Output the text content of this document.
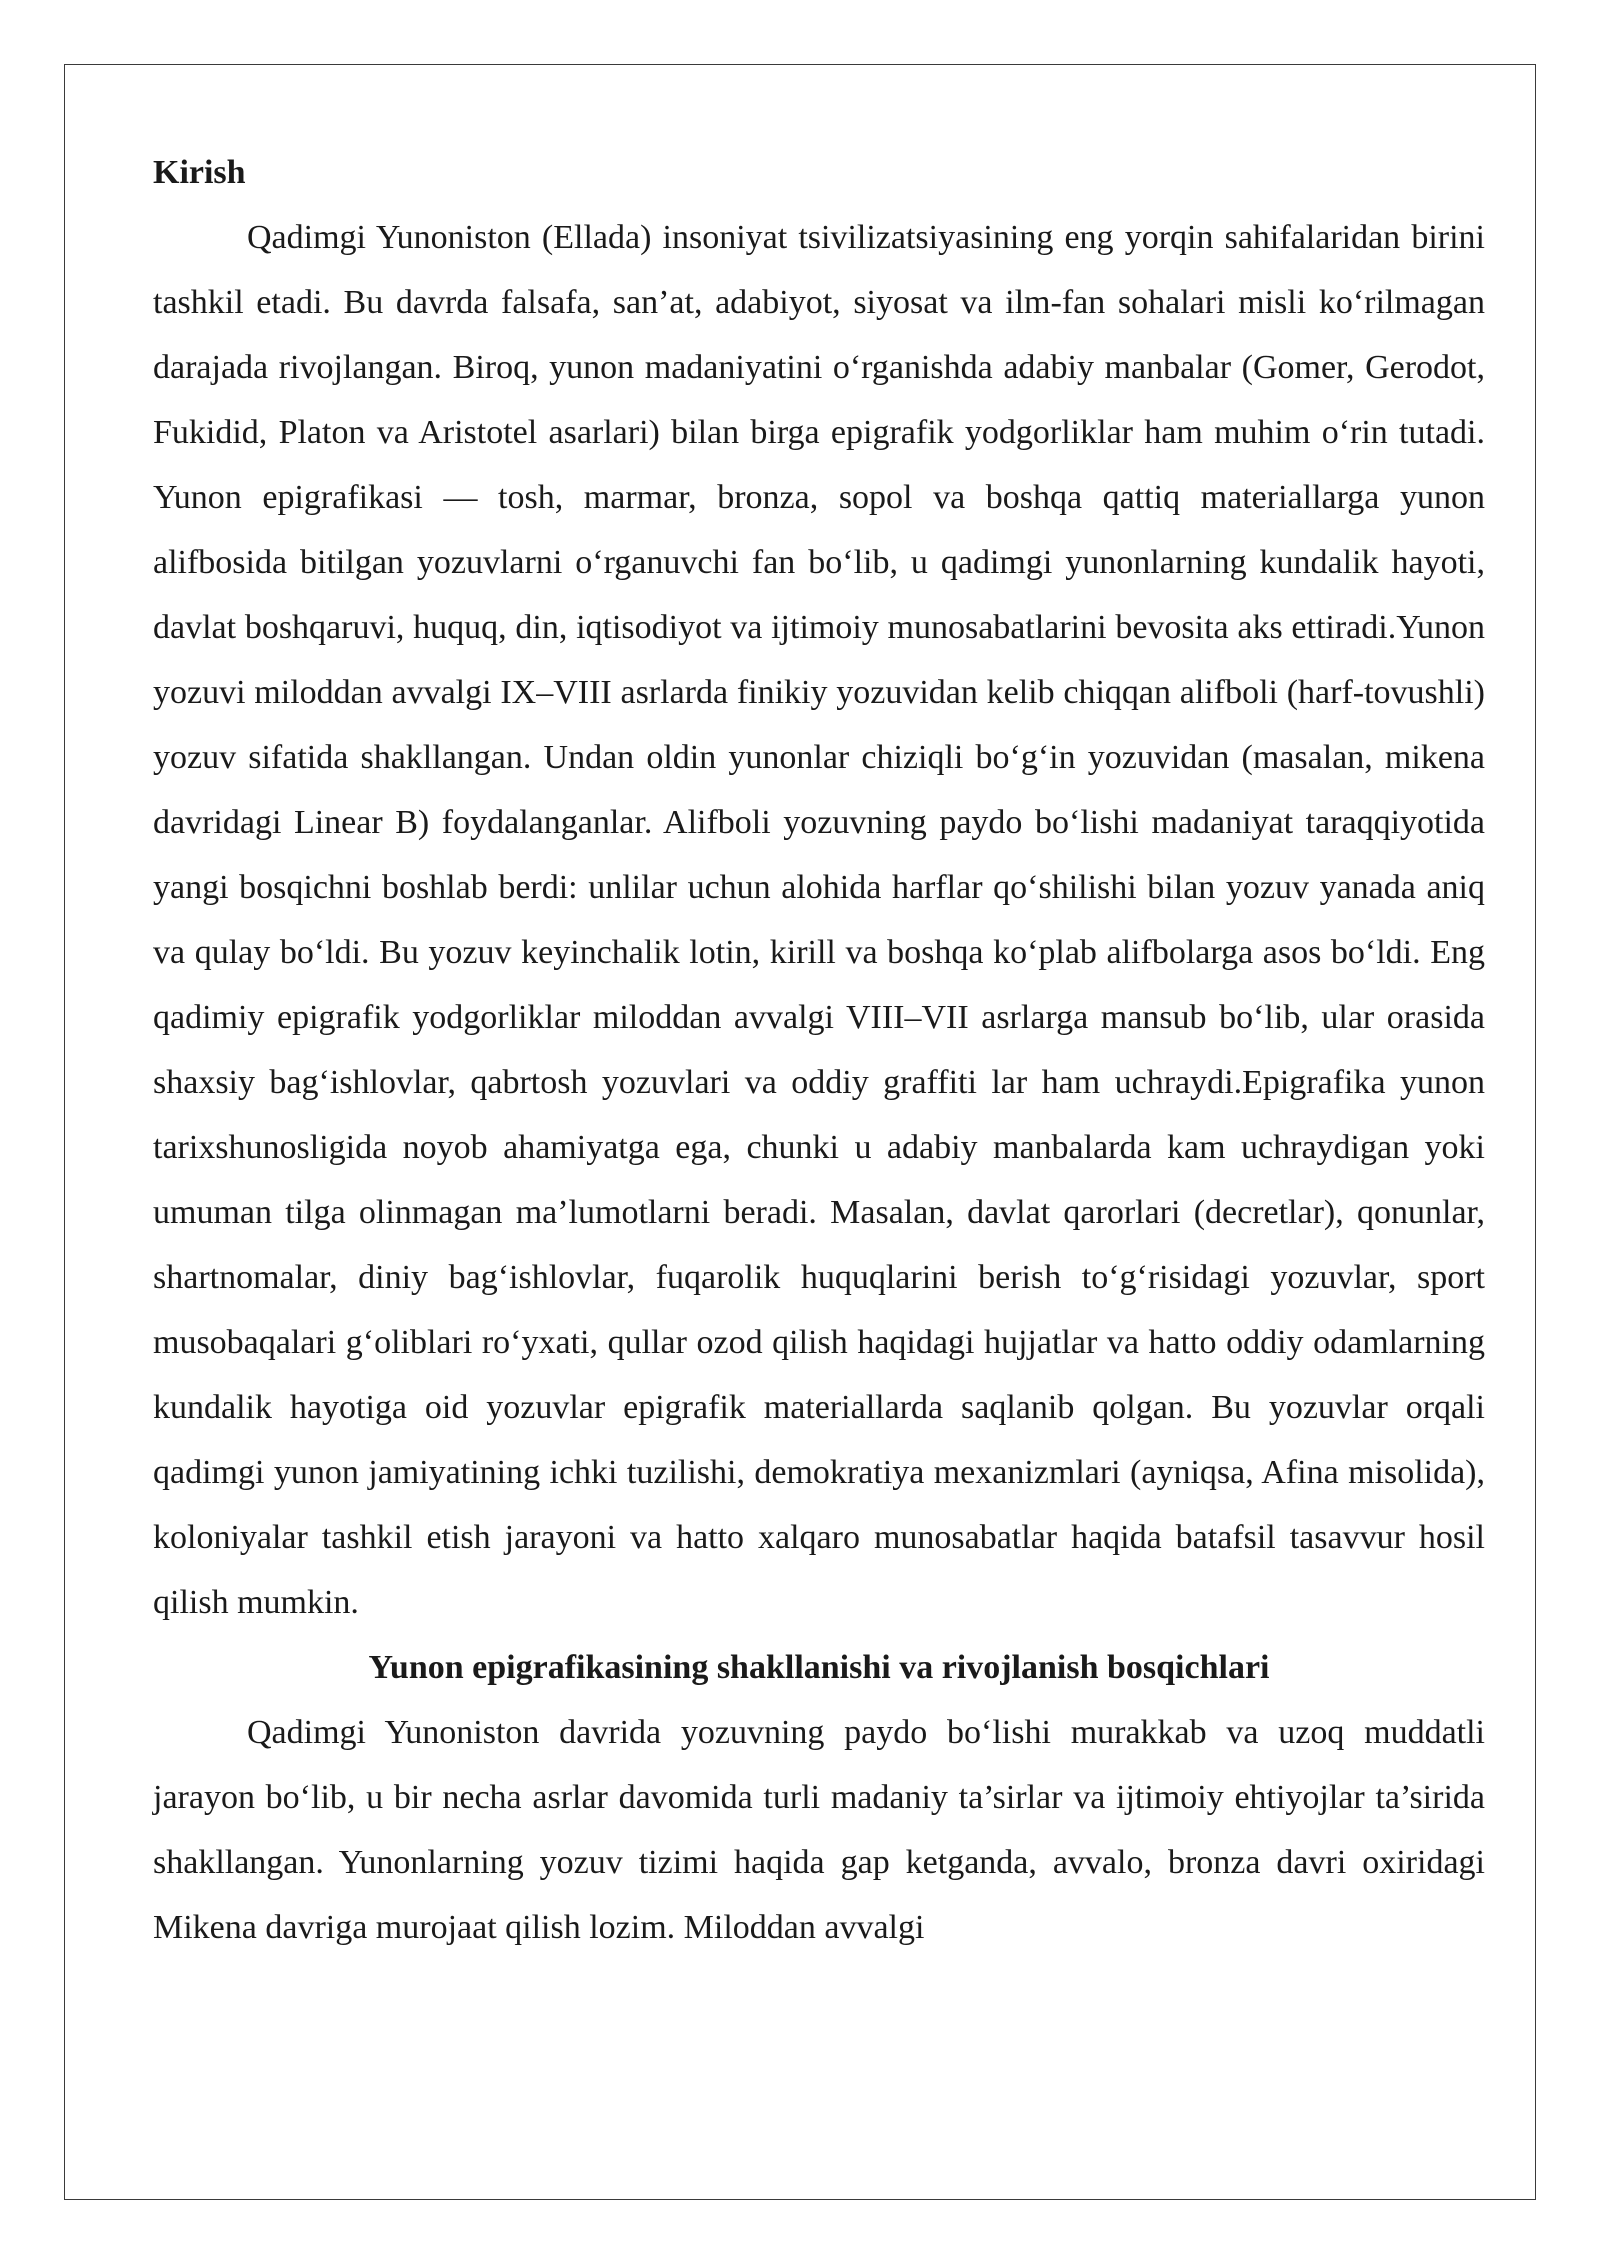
Kirish

Qadimgi Yunoniston (Ellada) insoniyat tsivilizatsiyasining eng yorqin sahifalaridan birini tashkil etadi. Bu davrda falsafa, san’at, adabiyot, siyosat va ilm-fan sohalari misli ko‘rilmagan darajada rivojlangan. Biroq, yunon madaniyatini o‘rganishda adabiy manbalar (Gomer, Gerodot, Fukidid, Platon va Aristotel asarlari) bilan birga epigrafik yodgorliklar ham muhim o‘rin tutadi. Yunon epigrafikasi — tosh, marmar, bronza, sopol va boshqa qattiq materiallarga yunon alifbosida bitilgan yozuvlarni o‘rganuvchi fan bo‘lib, u qadimgi yunonlarning kundalik hayoti, davlat boshqaruvi, huquq, din, iqtisodiyot va ijtimoiy munosabatlarini bevosita aks ettiradi.Yunon yozuvi miloddan avvalgi IX–VIII asrlarda finikiy yozuvidan kelib chiqqan alifboli (harf-tovushli) yozuv sifatida shakllangan. Undan oldin yunonlar chiziqli bo‘g‘in yozuvidan (masalan, mikena davridagi Linear B) foydalanganlar. Alifboli yozuvning paydo bo‘lishi madaniyat taraqqiyotida yangi bosqichni boshlab berdi: unlilar uchun alohida harflar qo‘shilishi bilan yozuv yanada aniq va qulay bo‘ldi. Bu yozuv keyinchalik lotin, kirill va boshqa ko‘plab alifbolarga asos bo‘ldi. Eng qadimiy epigrafik yodgorliklar miloddan avvalgi VIII–VII asrlarga mansub bo‘lib, ular orasida shaxsiy bag‘ishlovlar, qabrtosh yozuvlari va oddiy graffiti lar ham uchraydi.Epigrafika yunon tarixshunosligida noyob ahamiyatga ega, chunki u adabiy manbalarda kam uchraydigan yoki umuman tilga olinmagan ma’lumotlarni beradi. Masalan, davlat qarorlari (decretlar), qonunlar, shartnomalar, diniy bag‘ishlovlar, fuqarolik huquqlarini berish to‘g‘risidagi yozuvlar, sport musobaqalari g‘oliblari ro‘yxati, qullar ozod qilish haqidagi hujjatlar va hatto oddiy odamlarning kundalik hayotiga oid yozuvlar epigrafik materiallarda saqlanib qolgan. Bu yozuvlar orqali qadimgi yunon jamiyatining ichki tuzilishi, demokratiya mexanizmlari (ayniqsa, Afina misolida), koloniyalar tashkil etish jarayoni va hatto xalqaro munosabatlar haqida batafsil tasavvur hosil qilish mumkin.

Yunon epigrafikasining shakllanishi va rivojlanish bosqichlari

Qadimgi Yunoniston davrida yozuvning paydo bo‘lishi murakkab va uzoq muddatli jarayon bo‘lib, u bir necha asrlar davomida turli madaniy ta’sirlar va ijtimoiy ehtiyojlar ta’sirida shakllangan. Yunonlarning yozuv tizimi haqida gap ketganda, avvalo, bronza davri oxiridagi Mikena davriga murojaat qilish lozim. Miloddan avvalgi
